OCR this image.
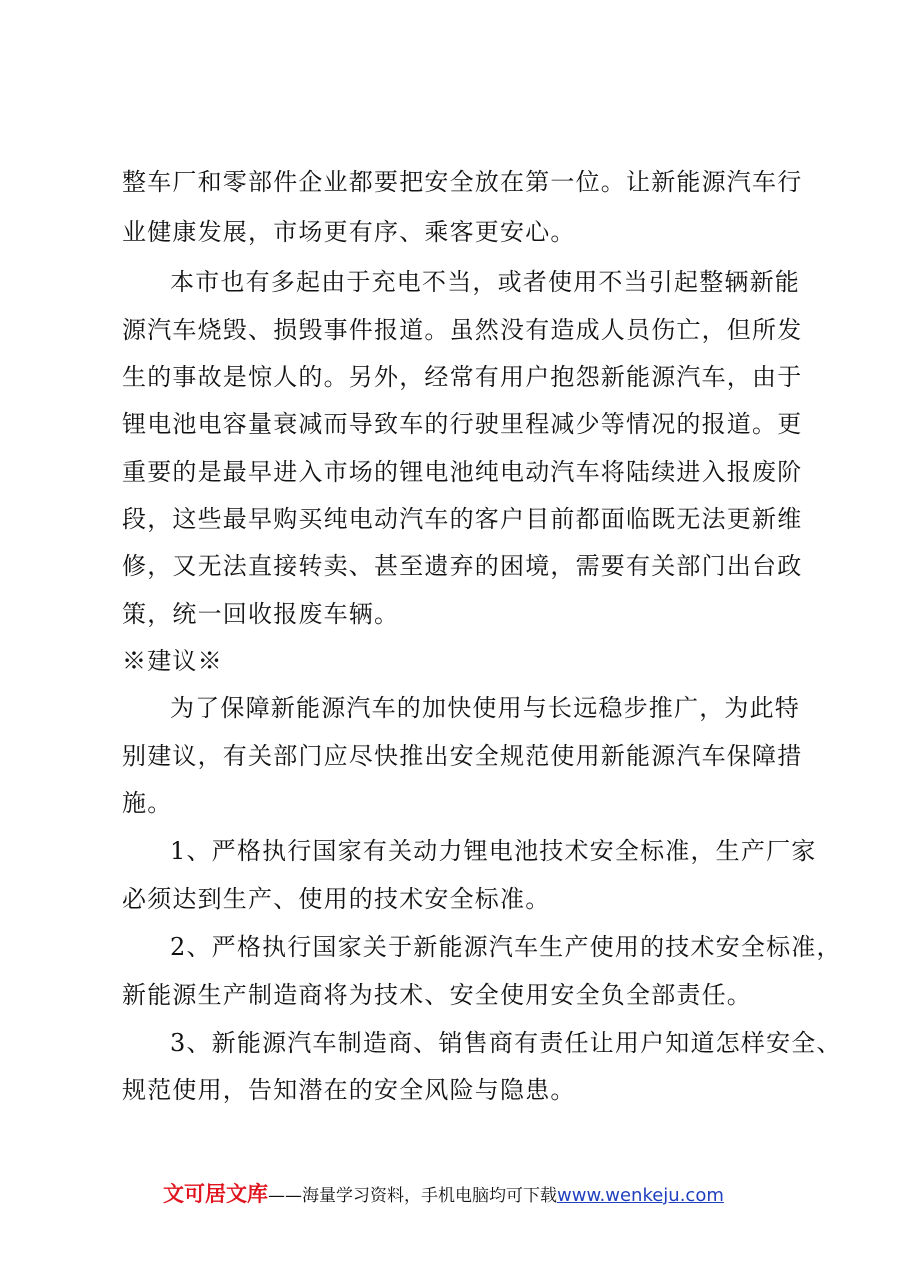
整车厂和零部件企业都要把安全放在第一位。让新能源汽车行
业健康发展，市场更有序、乘客更安心。
本市也有多起由于充电不当，或者使用不当引起整辆新能
源汽车烧毁、损毁事件报道。虽然没有造成人员伤亡，但所发
生的事故是惊人的。另外，经常有用户抱怨新能源汽车，由于
锂电池电容量衰减而导致车的行驶里程减少等情况的报道。更
重要的是最早进入市场的锂电池纯电动汽车将陆续进入报废阶
段，这些最早购买纯电动汽车的客户目前都面临既无法更新维
修，又无法直接转卖、甚至遗弃的困境，需要有关部门出台政
策，统一回收报废车辆。
※建议※
为了保障新能源汽车的加快使用与长远稳步推广，为此特
别建议，有关部门应尽快推出安全规范使用新能源汽车保障措
施。
1、严格执行国家有关动力锂电池技术安全标准，生产厂家
必须达到生产、使用的技术安全标准。
2、严格执行国家关于新能源汽车生产使用的技术安全标准，
新能源生产制造商将为技术、安全使用安全负全部责任。
3、新能源汽车制造商、销售商有责任让用户知道怎样安全、
规范使用，告知潜在的安全风险与隐患。
文可居文库——海量学习资料，手机电脑均可下载www.wenkeju.com
